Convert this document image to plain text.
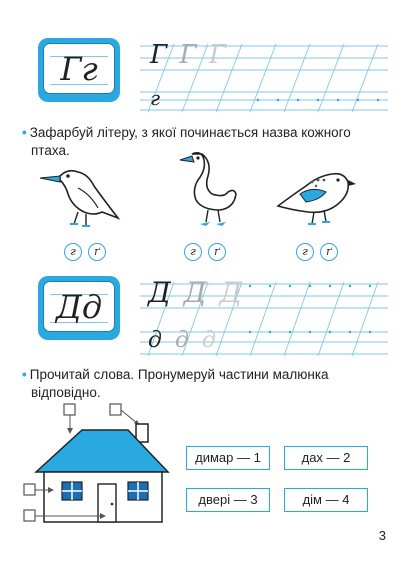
Гг	Г Г Г
г
• Зафарбуй літеру, з якої починається назва кожного
птаха.
г	ґ	г	ґ	г	ґ
Дд	Д Д Д
д д д
• Прочитай слова. Пронумеруй частини малюнка
відповідно.
димар — 1	дах — 2
двері — 3	дім — 4
3
